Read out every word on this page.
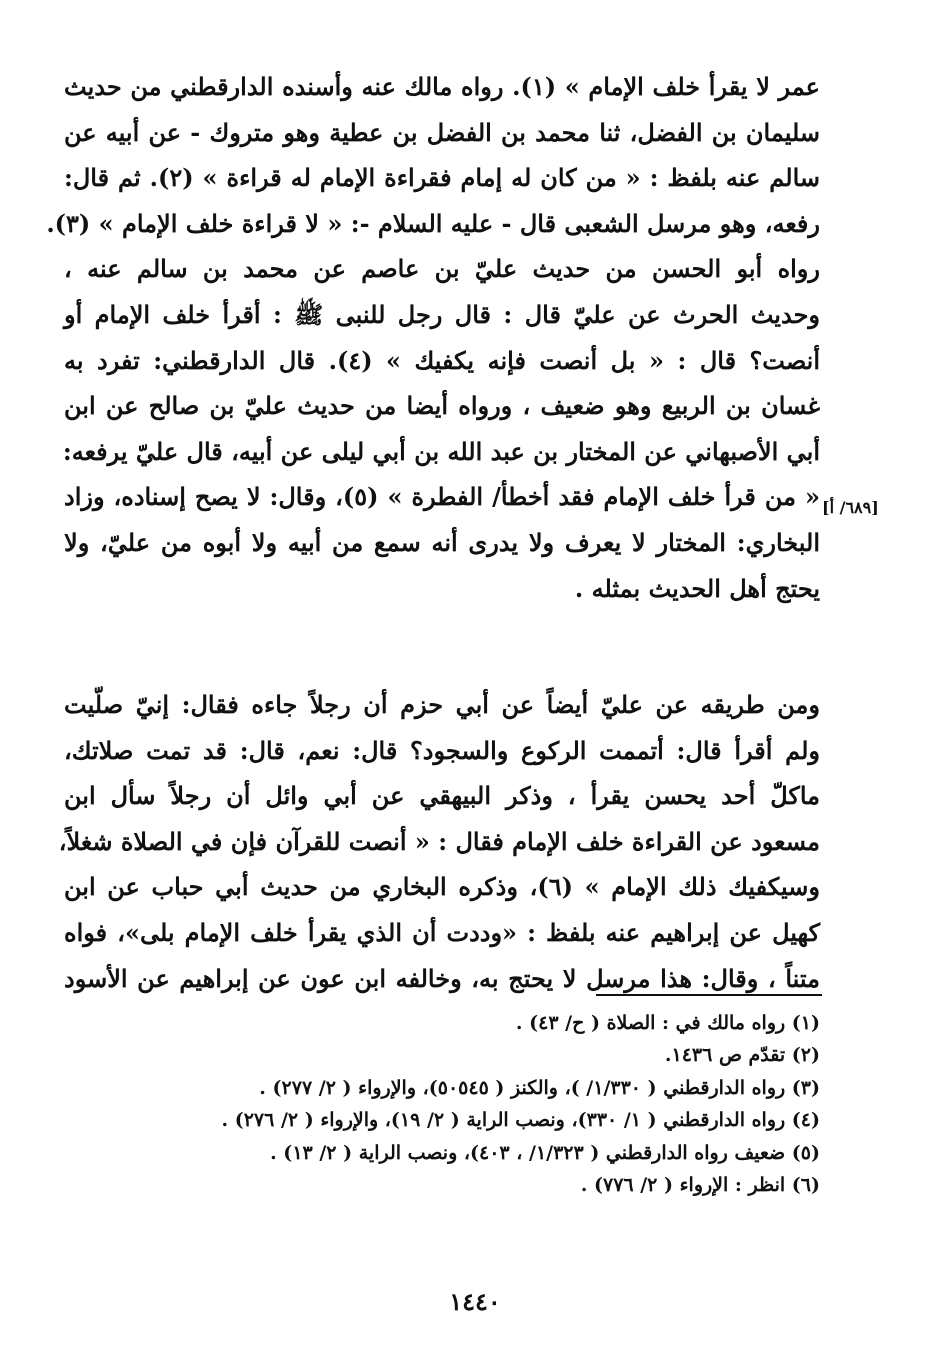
عمر لا يقرأ خلف الإمام » (١). رواه مالك عنه وأسنده الدارقطني من حديث
سليمان بن الفضل، ثنا محمد بن الفضل بن عطية وهو متروك - عن أبيه عن
سالم عنه بلفظ : « من كان له إمام فقراءة الإمام له قراءة » (٢). ثم قال:
رفعه، وهو مرسل الشعبى قال - عليه السلام -: « لا قراءة خلف الإمام » (٣).
رواه أبو الحسن من حديث عليّ بن عاصم عن محمد بن سالم عنه ،
وحديث الحرث عن عليّ قال : قال رجل للنبى ﷺ : أقرأ خلف الإمام أو
أنصت؟ قال : « بل أنصت فإنه يكفيك » (٤). قال الدارقطني: تفرد به
غسان بن الربيع وهو ضعيف ، ورواه أيضا من حديث عليّ بن صالح عن ابن
أبي الأصبهاني عن المختار بن عبد الله بن أبي ليلى عن أبيه، قال عليّ يرفعه:
« من قرأ خلف الإمام فقد أخطأ/ الفطرة » (٥)، وقال: لا يصح إسناده، وزاد
البخاري: المختار لا يعرف ولا يدرى أنه سمع من أبيه ولا أبوه من عليّ، ولا
يحتج أهل الحديث بمثله .
[٦٨٩/ أ]
ومن طريقه عن عليّ أيضاً عن أبي حزم أن رجلاً جاءه فقال: إنيّ صلّيت
ولم أقرأ قال: أتممت الركوع والسجود؟ قال: نعم، قال: قد تمت صلاتك،
ماكلّ أحد يحسن يقرأ ، وذكر البيهقي عن أبي وائل أن رجلاً سأل ابن
مسعود عن القراءة خلف الإمام فقال : « أنصت للقرآن فإن في الصلاة شغلاً،
وسيكفيك ذلك الإمام » (٦)، وذكره البخاري من حديث أبي حباب عن ابن
كهيل عن إبراهيم عنه بلفظ : «وددت أن الذي يقرأ خلف الإمام بلى»، فواه
متناً ، وقال: هذا مرسل لا يحتج به، وخالفه ابن عون عن إبراهيم عن الأسود
(١) رواه مالك في : الصلاة ( ح/ ٤٣) .
(٢) تقدّم ص ١٤٣٦.
(٣) رواه الدارقطني ( ١/٣٣٠/ )، والكنز ( ٥٠٥٤٥)، والإرواء ( ٢/ ٢٧٧) .
(٤) رواه الدارقطني ( ١/ ٣٣٠)، ونصب الراية ( ٢/ ١٩)، والإرواء ( ٢/ ٢٧٦) .
(٥) ضعيف رواه الدارقطني ( ١/٣٢٣/ ، ٤٠٣)، ونصب الراية ( ٢/ ١٣) .
(٦) انظر : الإرواء ( ٢/ ٧٧٦) .
١٤٤٠
